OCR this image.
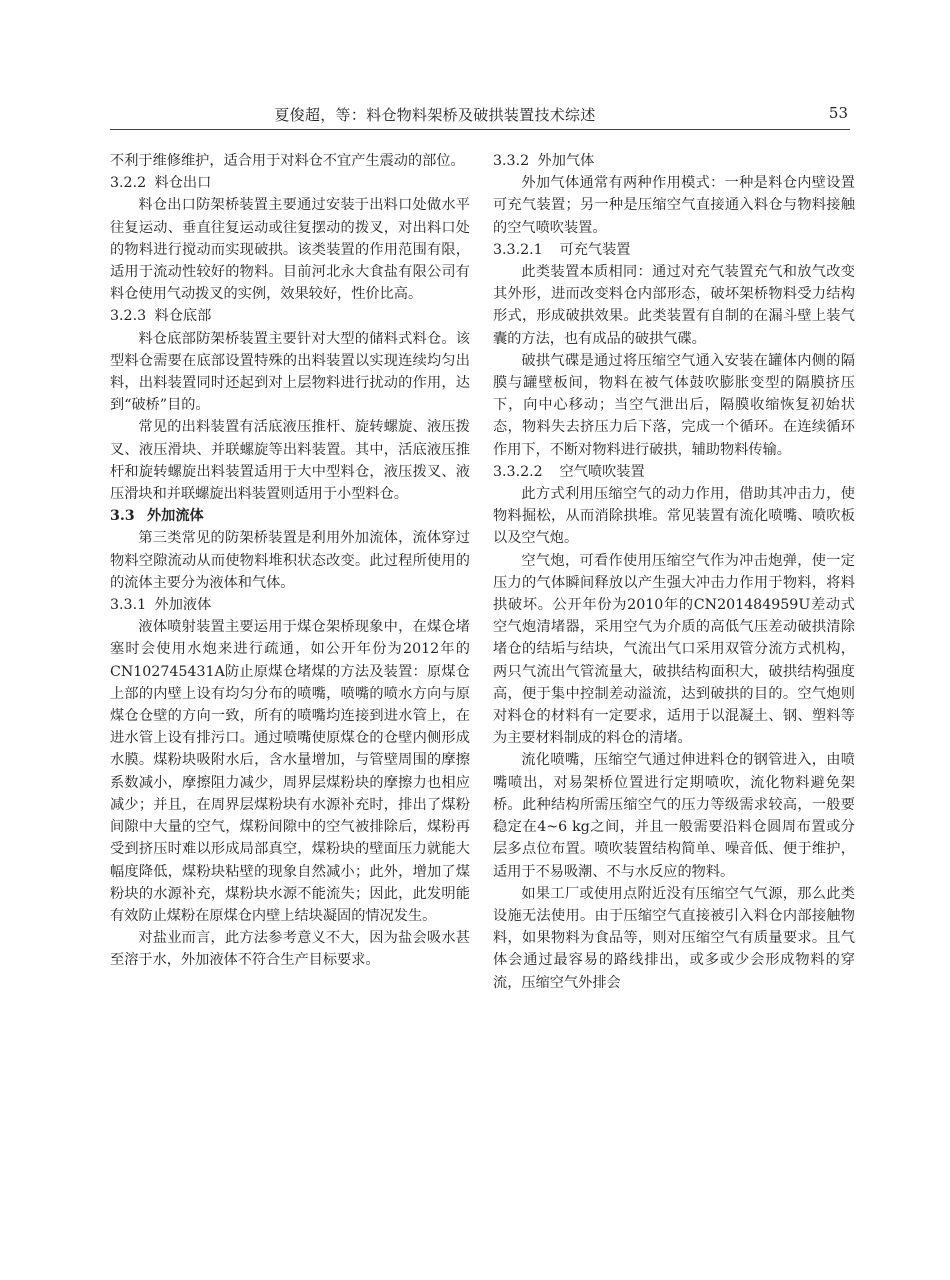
夏俊超，等：料仓物料架桥及破拱装置技术综述	53

不利于维修维护，适合用于对料仓不宜产生震动的部位。

3.2.2 料仓出口

料仓出口防架桥装置主要通过安装于出料口处做水平往复运动、垂直往复运动或往复摆动的拨叉，对出料口处的物料进行搅动而实现破拱。该类装置的作用范围有限，适用于流动性较好的物料。目前河北永大食盐有限公司有料仓使用气动拨叉的实例，效果较好，性价比高。

3.2.3 料仓底部

料仓底部防架桥装置主要针对大型的储料式料仓。该型料仓需要在底部设置特殊的出料装置以实现连续均匀出料，出料装置同时还起到对上层物料进行扰动的作用，达到“破桥”目的。

常见的出料装置有活底液压推杆、旋转螺旋、液压拨叉、液压滑块、并联螺旋等出料装置。其中，活底液压推杆和旋转螺旋出料装置适用于大中型料仓，液压拨叉、液压滑块和并联螺旋出料装置则适用于小型料仓。

3.3 外加流体

第三类常见的防架桥装置是利用外加流体，流体穿过物料空隙流动从而使物料堆积状态改变。此过程所使用的的流体主要分为液体和气体。

3.3.1 外加液体

液体喷射装置主要运用于煤仓架桥现象中，在煤仓堵塞时会使用水炮来进行疏通，如公开年份为2012年的CN102745431A防止原煤仓堵煤的方法及装置：原煤仓上部的内壁上设有均匀分布的喷嘴，喷嘴的喷水方向与原煤仓仓壁的方向一致，所有的喷嘴均连接到进水管上，在进水管上设有排污口。通过喷嘴使原煤仓的仓壁内侧形成水膜。煤粉块吸附水后，含水量增加，与管壁周围的摩擦系数减小，摩擦阻力减少，周界层煤粉块的摩擦力也相应减少；并且，在周界层煤粉块有水源补充时，排出了煤粉间隙中大量的空气，煤粉间隙中的空气被排除后，煤粉再受到挤压时难以形成局部真空，煤粉块的壁面压力就能大幅度降低，煤粉块粘壁的现象自然减小；此外，增加了煤粉块的水源补充，煤粉块水源不能流失；因此，此发明能有效防止煤粉在原煤仓内壁上结块凝固的情况发生。

对盐业而言，此方法参考意义不大，因为盐会吸水甚至溶于水，外加液体不符合生产目标要求。

3.3.2 外加气体

外加气体通常有两种作用模式：一种是料仓内壁设置可充气装置；另一种是压缩空气直接通入料仓与物料接触的空气喷吹装置。

3.3.2.1 可充气装置

此类装置本质相同：通过对充气装置充气和放气改变其外形，进而改变料仓内部形态，破坏架桥物料受力结构形式，形成破拱效果。此类装置有自制的在漏斗壁上装气囊的方法，也有成品的破拱气碟。

破拱气碟是通过将压缩空气通入安装在罐体内侧的隔膜与罐壁板间，物料在被气体鼓吹膨胀变型的隔膜挤压下，向中心移动；当空气泄出后，隔膜收缩恢复初始状态，物料失去挤压力后下落，完成一个循环。在连续循环作用下，不断对物料进行破拱，辅助物料传输。

3.3.2.2 空气喷吹装置

此方式利用压缩空气的动力作用，借助其冲击力，使物料掘松，从而消除拱堆。常见装置有流化喷嘴、喷吹板以及空气炮。

空气炮，可看作使用压缩空气作为冲击炮弹，使一定压力的气体瞬间释放以产生强大冲击力作用于物料，将料拱破坏。公开年份为2010年的CN201484959U差动式空气炮清堵器，采用空气为介质的高低气压差动破拱清除堵仓的结垢与结块，气流出气口采用双管分流方式机构，两只气流出气管流量大，破拱结构面积大，破拱结构强度高，便于集中控制差动溢流，达到破拱的目的。空气炮则对料仓的材料有一定要求，适用于以混凝土、钢、塑料等为主要材料制成的料仓的清堵。

流化喷嘴，压缩空气通过伸进料仓的钢管进入，由喷嘴喷出，对易架桥位置进行定期喷吹，流化物料避免架桥。此种结构所需压缩空气的压力等级需求较高，一般要稳定在4~6 kg之间，并且一般需要沿料仓圆周布置或分层多点位布置。喷吹装置结构简单、噪音低、便于维护，适用于不易吸潮、不与水反应的物料。

如果工厂或使用点附近没有压缩空气气源，那么此类设施无法使用。由于压缩空气直接被引入料仓内部接触物料，如果物料为食品等，则对压缩空气有质量要求。且气体会通过最容易的路线排出，或多或少会形成物料的穿流，压缩空气外排会
